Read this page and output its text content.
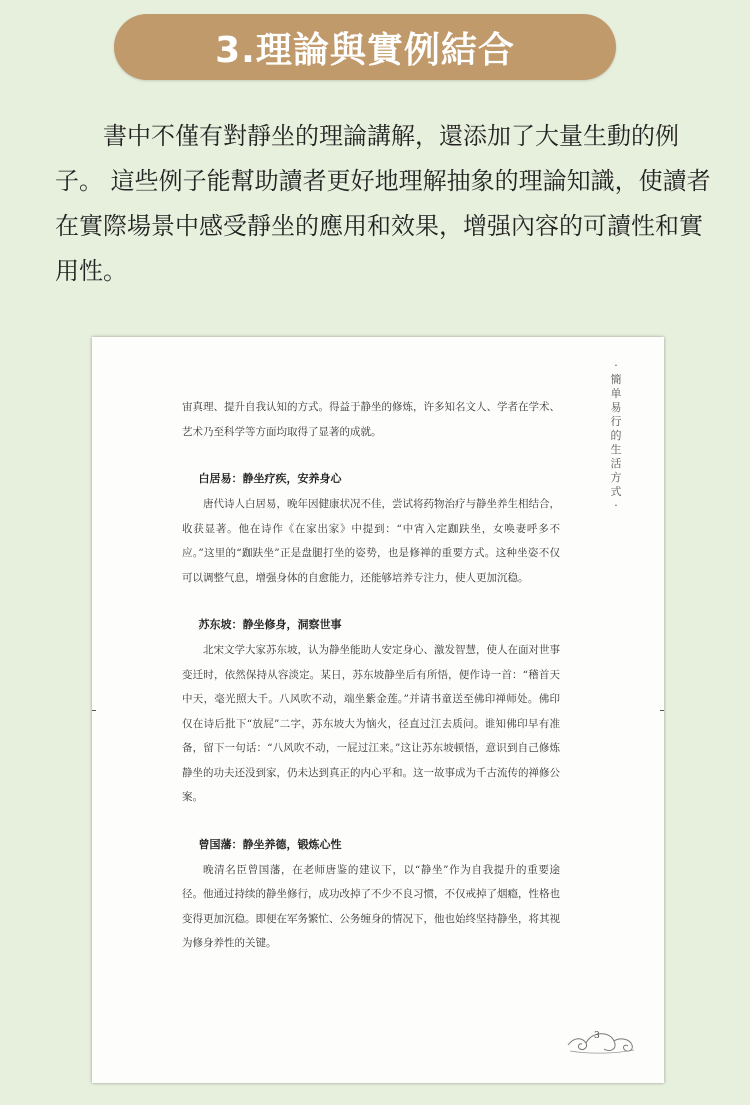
3.理論與實例結合

書中不僅有對靜坐的理論講解，還添加了大量生動的例子。 這些例子能幫助讀者更好地理解抽象的理論知識，使讀者在實際場景中感受靜坐的應用和效果，增强內容的可讀性和實用性。

·
簡单易行的生活方式
·

宙真理、提升自我认知的方式。得益于静坐的修炼，许多知名文人、学者在学术、艺术乃至科学等方面均取得了显著的成就。

白居易：静坐疗疾，安养身心

唐代诗人白居易，晚年因健康状况不佳，尝试将药物治疗与静坐养生相结合，收获显著。他在诗作《在家出家》中提到：“中宵入定跏趺坐，女唤妻呼多不应。”这里的“跏趺坐”正是盘腿打坐的姿势，也是修禅的重要方式。这种坐姿不仅可以调整气息，增强身体的自愈能力，还能够培养专注力，使人更加沉稳。

苏东坡：静坐修身，洞察世事

北宋文学大家苏东坡，认为静坐能助人安定身心、激发智慧，使人在面对世事变迁时，依然保持从容淡定。某日，苏东坡静坐后有所悟，便作诗一首：“稽首天中天，毫光照大千。八风吹不动，端坐紫金莲。”并请书童送至佛印禅师处。佛印仅在诗后批下“放屁”二字，苏东坡大为恼火，径直过江去质问。谁知佛印早有准备，留下一句话：“八风吹不动，一屁过江来。”这让苏东坡顿悟，意识到自己修炼静坐的功夫还没到家，仍未达到真正的内心平和。这一故事成为千古流传的禅修公案。

曾国藩：静坐养德，锻炼心性

晚清名臣曾国藩，在老师唐鉴的建议下，以“静坐”作为自我提升的重要途径。他通过持续的静坐修行，成功改掉了不少不良习惯，不仅戒掉了烟瘾，性格也变得更加沉稳。即便在军务繁忙、公务缠身的情况下，他也始终坚持静坐，将其视为修身养性的关键。

3
